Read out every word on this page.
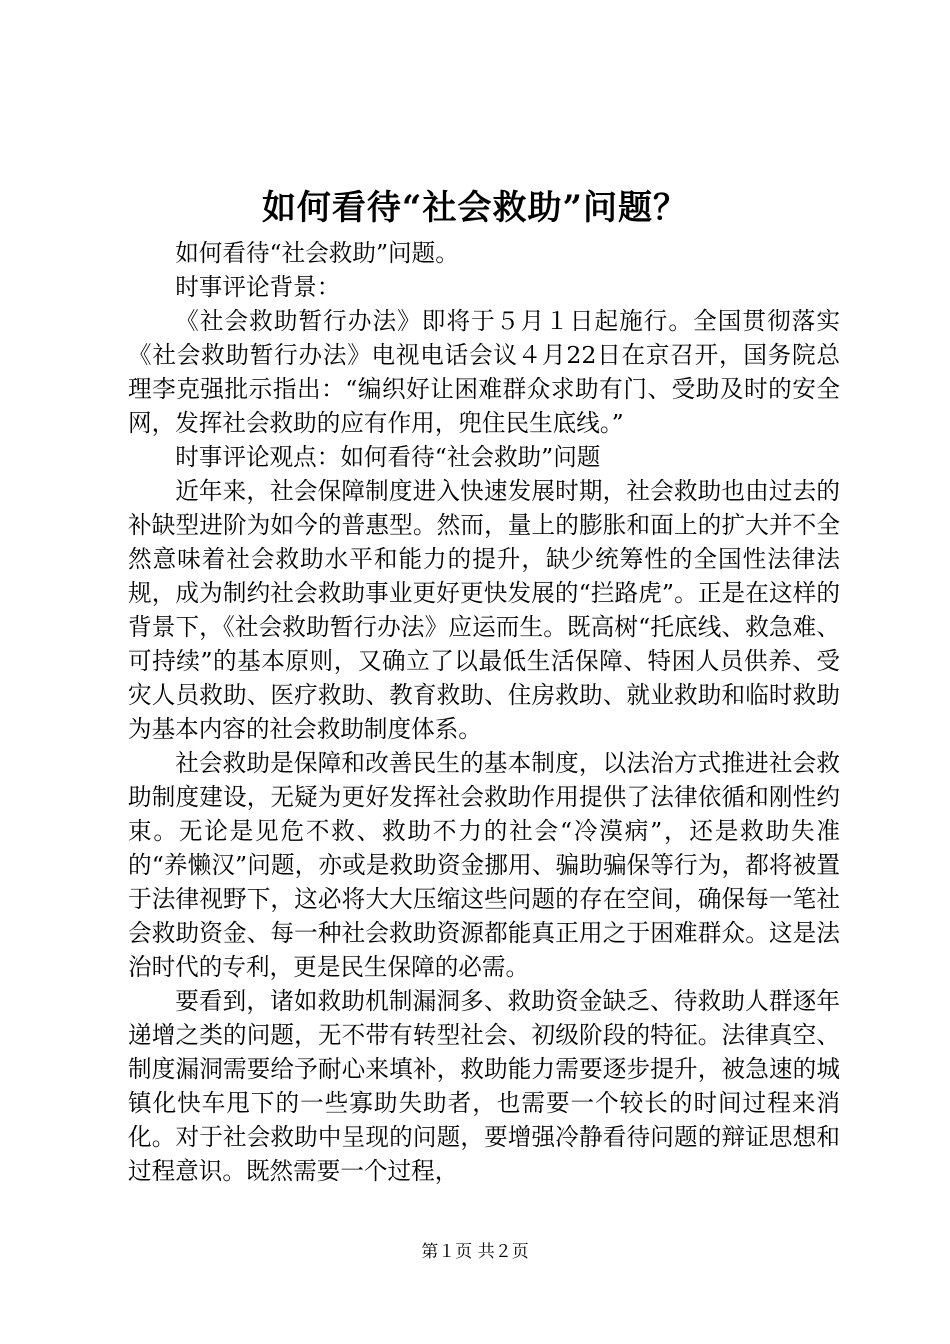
如何看待“社会救助”问题？

如何看待“社会救助”问题。

时事评论背景：

《社会救助暂行办法》即将于５月１日起施行。全国贯彻落实《社会救助暂行办法》电视电话会议４月22日在京召开，国务院总理李克强批示指出：“编织好让困难群众求助有门、受助及时的安全网，发挥社会救助的应有作用，兜住民生底线。”

时事评论观点：如何看待“社会救助”问题

近年来，社会保障制度进入快速发展时期，社会救助也由过去的补缺型进阶为如今的普惠型。然而，量上的膨胀和面上的扩大并不全然意味着社会救助水平和能力的提升，缺少统筹性的全国性法律法规，成为制约社会救助事业更好更快发展的“拦路虎”。正是在这样的背景下，《社会救助暂行办法》应运而生。既高树“托底线、救急难、可持续”的基本原则，又确立了以最低生活保障、特困人员供养、受灾人员救助、医疗救助、教育救助、住房救助、就业救助和临时救助为基本内容的社会救助制度体系。

社会救助是保障和改善民生的基本制度，以法治方式推进社会救助制度建设，无疑为更好发挥社会救助作用提供了法律依循和刚性约束。无论是见危不救、救助不力的社会“冷漠病”，还是救助失准的“养懒汉”问题，亦或是救助资金挪用、骗助骗保等行为，都将被置于法律视野下，这必将大大压缩这些问题的存在空间，确保每一笔社会救助资金、每一种社会救助资源都能真正用之于困难群众。这是法治时代的专利，更是民生保障的必需。

要看到，诸如救助机制漏洞多、救助资金缺乏、待救助人群逐年递增之类的问题，无不带有转型社会、初级阶段的特征。法律真空、制度漏洞需要给予耐心来填补，救助能力需要逐步提升，被急速的城镇化快车甩下的一些寡助失助者，也需要一个较长的时间过程来消化。对于社会救助中呈现的问题，要增强冷静看待问题的辩证思想和过程意识。既然需要一个过程，

第１页 共２页
